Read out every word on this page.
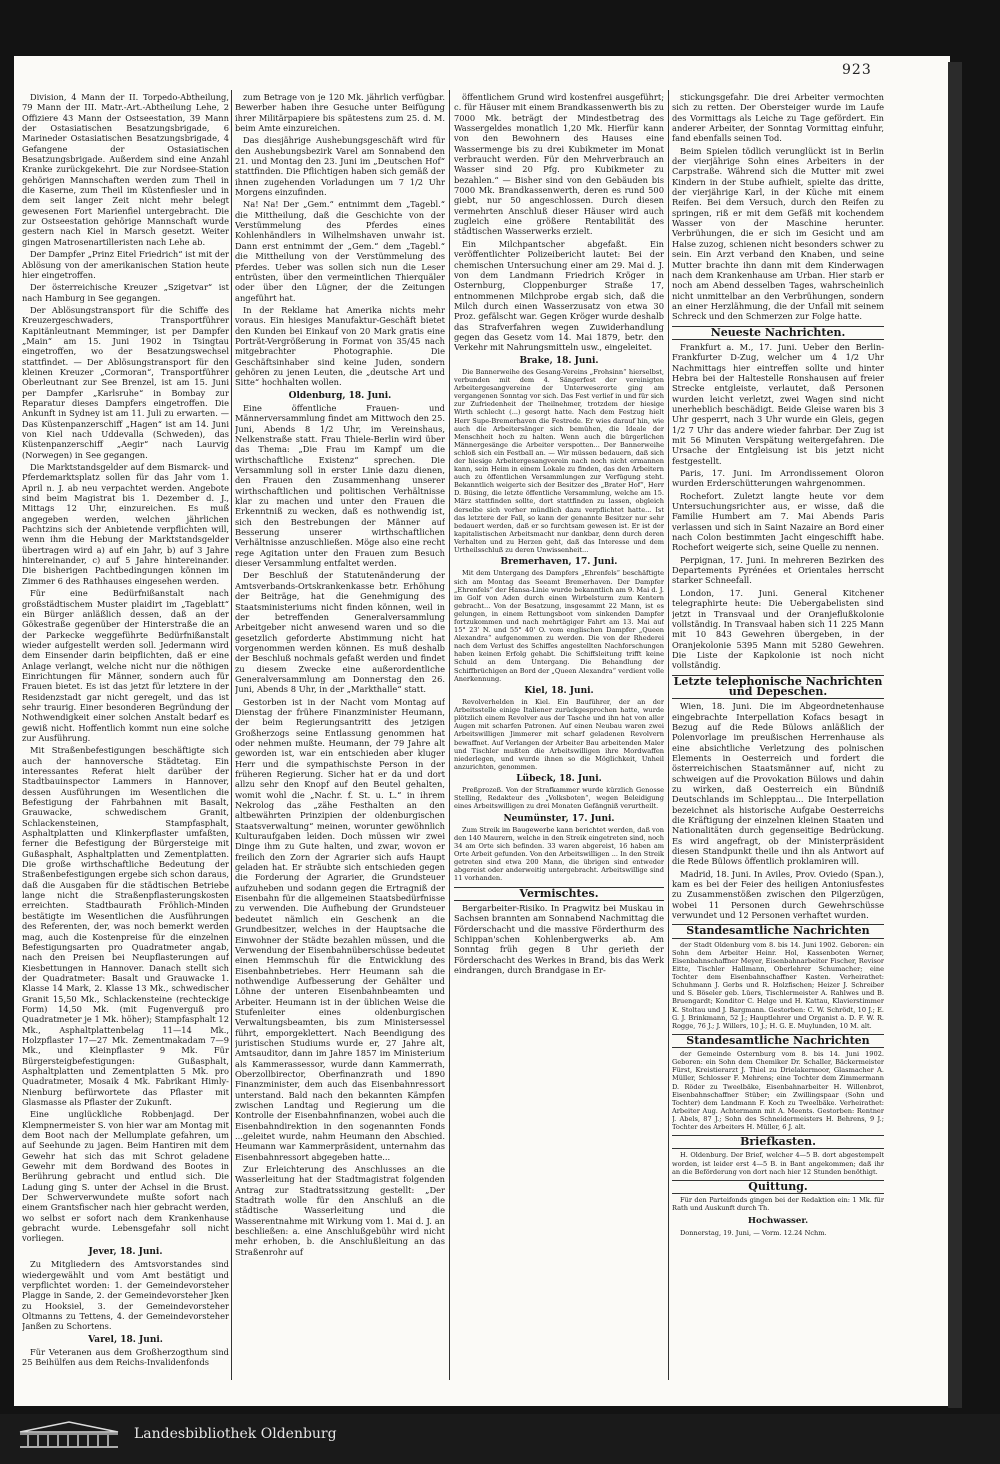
923

Division, 4 Mann der II. Torpedo-Abtheilung, 79 Mann der III. Matr.-Art.-Abtheilung Lehe, 2 Offiziere 43 Mann der Ostseestation, 39 Mann der Ostasiatischen Besatzungsbrigade, 6 Marineder Ostasiatischen Besatzungsbrigade, 4 Gefangene der Ostasiatischen Besatzungsbrigade. Außerdem sind eine Anzahl Kranke zurückgekehrt. Die zur Nordsee-Station gehörigen Mannschaften werden zum Theil in die Kaserne, zum Theil im Küstenfiesler und in dem seit langer Zeit nicht mehr belegt gewesenen Fort Marienfiel untergebracht. Die zur Ostseestation gehörige Mannschaft wurde gestern nach Kiel in Marsch gesetzt. Weiter gingen Matrosenartilleristen nach Lehe ab.

Der Dampfer „Prinz Eitel Friedrich“ ist mit der Ablösung von der amerikanischen Station heute hier eingetroffen.

Der österreichische Kreuzer „Szigetvar“ ist nach Hamburg in See gegangen.

Der Ablösungstransport für die Schiffe des Kreuzergeschwaders, Transportführer Kapitänleutnant Memminger, ist per Dampfer „Main“ am 15. Juni 1902 in Tsingtau eingetroffen, wo der Besatzungswechsel stattfindet. — Der Ablösungstransport für den kleinen Kreuzer „Cormoran“, Transportführer Oberleutnant zur See Brenzel, ist am 15. Juni per Dampfer „Karlsruhe“ in Bombay zur Reparatur dieses Dampfers eingetroffen. Die Ankunft in Sydney ist am 11. Juli zu erwarten. — Das Küstenpanzerschiff „Hagen“ ist am 14. Juni von Kiel nach Uddevalla (Schweden), das Küstenpanzerschiff „Aegir“ nach Laurvig (Norwegen) in See gegangen.

Die Marktstandsgelder auf dem Bismarck- und Pferdemarktsplatz sollen für das Jahr vom 1. April n. J. ab neu verpachtet werden. Angebote sind beim Magistrat bis 1. Dezember d. J., Mittags 12 Uhr, einzureichen. Es muß angegeben werden, welchen jährlichen Pachtzins sich der Anbietende verpflichten will, wenn ihm die Hebung der Marktstandsgelder übertragen wird a) auf ein Jahr, b) auf 3 Jahre hintereinander, c) auf 5 Jahre hintereinander. Die bisherigen Pachtbedingungen können im Zimmer 6 des Rathhauses eingesehen werden.

Für eine Bedürfnißanstalt nach großstädtischem Muster plaidirt im „Tageblatt“ ein Bürger anläßlich dessen, daß an der Gökestraße gegenüber der Hinterstraße die an der Parkecke weggeführte Bedürfnißanstalt wieder aufgestellt werden soll. Jedermann wird dem Einsender darin beipflichten, daß er eine Anlage verlangt, welche nicht nur die nöthigen Einrichtungen für Männer, sondern auch für Frauen bietet. Es ist das jetzt für letztere in der Residenzstadt gar nicht geregelt, und das ist sehr traurig. Einer besonderen Begründung der Nothwendigkeit einer solchen Anstalt bedarf es gewiß nicht. Hoffentlich kommt nun eine solche zur Ausführung.

Mit Straßenbefestigungen beschäftigte sich auch der hannoversche Städtetag. Ein interessantes Referat hielt darüber der Stadtbauinspector Lammers in Hannover, dessen Ausführungen im Wesentlichen die Befestigung der Fahrbahnen mit Basalt, Grauwacke, schwedischem Granit, Schlackensteinen, Stampfasphalt, Asphaltplatten und Klinkerpflaster umfaßten, ferner die Befestigung der Bürgersteige mit Gußasphalt, Asphaltplatten und Zementplatten. Die große wirthschaftliche Bedeutung der Straßenbefestigungen ergebe sich schon daraus, daß die Ausgaben für die städtischen Betriebe lange nicht die Straßenpflasterungskosten erreichten. Stadtbaurath Fröhlich-Minden bestätigte im Wesentlichen die Ausführungen des Referenten, der, was noch bemerkt werden mag, auch die Kostenpreise für die einzelnen Befestigungsarten pro Quadratmeter angab, nach den Preisen bei Neupflasterungen auf Kiesbettungen in Hannover. Danach stellt sich der Quadratmeter: Basalt und Grauwacke 1. Klasse 14 Mark, 2. Klasse 13 Mk., schwedischer Granit 15,50 Mk., Schlackensteine (rechteckige Form) 14,50 Mk. (mit Fugenverguß pro Quadratmeter je 1 Mk. höher); Stampfasphalt 12 Mk., Asphaltplattenbelag 11—14 Mk., Holzpflaster 17—27 Mk. Zementmakadam 7—9 Mk., und Kleinpflaster 9 Mk. Für Bürgersteigbefestigungen: Gußasphalt, Asphaltplatten und Zementplatten 5 Mk. pro Quadratmeter, Mosaik 4 Mk. Fabrikant Himly-Nienburg befürwortete das Pflaster mit Glasmasse als Pflaster der Zukunft.

Eine unglückliche Robbenjagd. Der Klempnermeister S. von hier war am Montag mit dem Boot nach der Mellumplate gefahren, um auf Seehunde zu jagen. Beim Hantiren mit dem Gewehr hat sich das mit Schrot geladene Gewehr mit dem Bordwand des Bootes in Berührung gebracht und entlud sich. Die Ladung ging S. unter der Achsel in die Brust. Der Schwerverwundete mußte sofort nach einem Grantsfischer nach hier gebracht werden, wo selbst er sofort nach dem Krankenhause gebracht wurde. Lebensgefahr soll nicht vorliegen.

Jever, 18. Juni.

Zu Mitgliedern des Amtsvorstandes sind wiedergewählt und vom Amt bestätigt und verpflichtet worden: 1. der Gemeindevorsteher Plagge in Sande, 2. der Gemeindevorsteher Jken zu Hooksiel, 3. der Gemeindevorsteher Oltmanns zu Tettens, 4. der Gemeindevorsteher Janßen zu Schortens.

Varel, 18. Juni.

Für Veteranen aus dem Großherzogthum sind 25 Beihülfen aus dem Reichs-Invalidenfonds

zum Betrage von je 120 Mk. jährlich verfügbar. Bewerber haben ihre Gesuche unter Beifügung ihrer Militärpapiere bis spätestens zum 25. d. M. beim Amte einzureichen.

Das diesjährige Aushebungsgeschäft wird für den Aushebungsbezirk Varel am Sonnabend den 21. und Montag den 23. Juni im „Deutschen Hof“ stattfinden. Die Pflichtigen haben sich gemäß der ihnen zugehenden Vorladungen um 7 1/2 Uhr Morgens einzufinden.

Na! Na! Der „Gem.“ entnimmt dem „Tagebl.“ die Mittheilung, daß die Geschichte von der Verstümmelung des Pferdes eines Kohlenhändlers in Wilhelmshaven unwahr ist. Dann erst entnimmt der „Gem.“ dem „Tagebl.“ die Mittheilung von der Verstümmelung des Pferdes. Ueber was sollen sich nun die Leser entrüsten, über den vermeintlichen Thierquäler oder über den Lügner, der die Zeitungen angeführt hat.

In der Reklame hat Amerika nichts mehr voraus. Ein hiesiges Manufaktur-Geschäft bietet den Kunden bei Einkauf von 20 Mark gratis eine Porträt-Vergrößerung in Format von 35/45 nach mitgebrachter Photographie. Die Geschäftsinhaber sind keine Juden, sondern gehören zu jenen Leuten, die „deutsche Art und Sitte“ hochhalten wollen.

Oldenburg, 18. Juni.

Eine öffentliche Frauen- und Männerversammlung findet am Mittwoch den 25. Juni, Abends 8 1/2 Uhr, im Vereinshaus, Nelkenstraße statt. Frau Thiele-Berlin wird über das Thema: „Die Frau im Kampf um die wirthschaftliche Existenz“ sprechen. Die Versammlung soll in erster Linie dazu dienen, den Frauen den Zusammenhang unserer wirthschaftlichen und politischen Verhältnisse klar zu machen und unter den Frauen die Erkenntniß zu wecken, daß es nothwendig ist, sich den Bestrebungen der Männer auf Besserung unserer wirthschaftlichen Verhältnisse anzuschließen. Möge also eine recht rege Agitation unter den Frauen zum Besuch dieser Versammlung entfaltet werden.

Der Beschluß der Statutenänderung der Amtsverbands-Ortskrankenkasse betr. Erhöhung der Beiträge, hat die Genehmigung des Staatsministeriums nicht finden können, weil in der betreffenden Generalversammlung Arbeitgeber nicht anwesend waren und so die gesetzlich geforderte Abstimmung nicht hat vorgenommen werden können. Es muß deshalb der Beschluß nochmals gefaßt werden und findet zu diesem Zwecke eine außerordentliche Generalversammlung am Donnerstag den 26. Juni, Abends 8 Uhr, in der „Markthalle“ statt.

Gestorben ist in der Nacht vom Montag auf Dienstag der frühere Finanzminister Heumann, der beim Regierungsantritt des jetzigen Großherzogs seine Entlassung genommen hat oder nehmen mußte. Heumann, der 79 Jahre alt geworden ist, war ein entschieden aber kluger Herr und die sympathischste Person in der früheren Regierung. Sicher hat er da und dort allzu sehr den Knopf auf den Beutel gehalten, womit wohl die „Nachr. f. St. u. L.“ in ihrem Nekrolog das „zähe Festhalten an den altbewährten Prinzipien der oldenburgischen Staatsverwaltung“ meinen, worunter gewöhnlich Kulturaufgaben leiden. Doch müssen wir zwei Dinge ihm zu Gute halten, und zwar, wovon er freilich den Zorn der Agrarier sich aufs Haupt geladen hat. Er sträubte sich entschieden gegen die Forderung der Agrarier, die Grundsteuer aufzuheben und sodann gegen die Ertragniß der Eisenbahn für die allgemeinen Staatsbedürfnisse zu verwenden. Die Aufhebung der Grundsteuer bedeutet nämlich ein Geschenk an die Grundbesitzer, welches in der Hauptsache die Einwohner der Städte bezahlen müssen, und die Verwendung der Eisenbahnüberschüsse bedeutet einen Hemmschuh für die Entwicklung des Eisenbahnbetriebes. Herr Heumann sah die nothwendige Aufbesserung der Gehälter und Löhne der unteren Eisenbahnbeamten und Arbeiter. Heumann ist in der üblichen Weise die Stufenleiter eines oldenburgischen Verwaltungsbeamten, bis zum Ministersessel führt, emporgeklettert. Nach Beendigung des juristischen Studiums wurde er, 27 Jahre alt, Amtsauditor, dann im Jahre 1857 im Ministerium als Kammerassessor, wurde dann Kammerrath, Oberzollbirector, Oberfinanzrath und 1890 Finanzminister, dem auch das Eisenbahnressort unterstand. Bald nach den bekannten Kämpfen zwischen Landtag und Regierung um die Kontrolle der Eisenbahnfinanzen, wobei auch die Eisenbahndirektion in den sogenannten Fonds ...geleitet wurde, nahm Heumann den Abschied. Heumann war Kammerpräsident, unternahm das Eisenbahnressort abgegeben hatte...

Zur Erleichterung des Anschlusses an die Wasserleitung hat der Stadtmagistrat folgenden Antrag zur Stadtratssitzung gestellt: „Der Stadtrath wolle für den Anschluß an die städtische Wasserleitung und die Wasserentnahme mit Wirkung vom 1. Mai d. J. an beschließen: a. eine Anschlußgebühr wird nicht mehr erhoben, b. die Anschlußleitung an das Straßenrohr auf

öffentlichem Grund wird kostenfrei ausgeführt; c. für Häuser mit einem Brandkassenwerth bis zu 7000 Mk. beträgt der Mindestbetrag des Wassergeldes monatlich 1,20 Mk. Hierfür kann von den Bewohnern des Hauses eine Wassermenge bis zu drei Kubikmeter im Monat verbraucht werden. Für den Mehrverbrauch an Wasser sind 20 Pfg. pro Kubikmeter zu bezahlen.“ — Bisher sind von den Gebäuden bis 7000 Mk. Brandkassenwerth, deren es rund 500 giebt, nur 50 angeschlossen. Durch diesen vermehrten Anschluß dieser Häuser wird auch zugleich eine größere Rentabilität des städtischen Wasserwerks erzielt.

Ein Milchpantscher abgefaßt. Ein veröffentlichter Polizeibericht lautet: Bei der chemischen Untersuchung einer am 29. Mai d. J. von dem Landmann Friedrich Kröger in Osternburg, Cloppenburger Straße 17, entnommenen Milchprobe ergab sich, daß die Milch durch einen Wasserzusatz von etwa 30 Proz. gefälscht war. Gegen Kröger wurde deshalb das Strafverfahren wegen Zuwiderhandlung gegen das Gesetz vom 14. Mai 1879, betr. den Verkehr mit Nahrungsmitteln usw., eingeleitet.

Brake, 18. Juni.

Die Bannerweihe des Gesang-Vereins „Frohsinn“ hierselbst, verbunden mit dem 4. Sängerfest der vereinigten Arbeitergesangvereine der Unterweserorte ging am vergangenen Sonntag vor sich. Das Fest verlief in und für sich zur Zufriedenheit der Theilnehmer, trotzdem der hiesige Wirth schlecht (...) gesorgt hatte. Nach dem Festzug hielt Herr Supe-Bremerhaven die Festrede. Er wies darauf hin, wie auch die Arbeitersänger sich bemühen, die Ideale der Menschheit hoch zu halten. Wenn auch die bürgerlichen Männergesänge die Arbeiter verspotten... Der Bannerweihe schloß sich ein Festball an. — Wir müssen bedauern, daß sich der hiesige Arbeitergesangverein nach noch nicht ermannen kann, sein Heim in einem Lokale zu finden, das den Arbeitern auch zu öffentlichen Versammlungen zur Verfügung steht. Bekanntlich weigerte sich der Besitzer des „Brater Hof“, Herr D. Büsing, die letzte öffentliche Versammlung, welche am 15. März stattfinden sollte, dort stattfinden zu lassen, obgleich derselbe sich vorher mündlich dazu verpflichtet hatte... Ist das letztere der Fall, so kann der genannte Besitzer nur sehr bedauert werden, daß er so furchtsam gewesen ist. Er ist der kapitalistischen Arbeitsmacht nur dankbar, denn durch deren Verhalten und zu Herzen geht, daß das Interesse und dem Urtheilsschluß zu deren Unwissenheit...

Bremerhaven, 17. Juni.

Mit dem Untergang des Dampfers „Ehrenfels“ beschäftigte sich am Montag das Seeamt Bremerhaven. Der Dampfer „Ehrenfels“ der Hansa-Linie wurde bekanntlich am 9. Mai d. J. im Golf von Aden durch einen Wirbelsturm zum Kentern gebracht... Von der Besatzung, insgesammt 22 Mann, ist es gelungen, in einem Rettungsboot vom sinkenden Dampfer fortzukommen und nach mehrtägiger Fahrt am 13. Mai auf 15° 23' N. und 55° 40' O. vom englischen Dampfer „Queen Alexandra“ aufgenommen zu werden. Die von der Rhederei nach dem Verlust des Schiffes angestellten Nachforschungen haben keinen Erfolg gehabt. Die Schiffsleitung trifft keine Schuld an dem Untergang. Die Behandlung der Schiffbrüchigen an Bord der „Queen Alexandra“ verdient volle Anerkennung.

Kiel, 18. Juni.

Revolverhelden in Kiel. Ein Bauführer, der an der Arbeitsstelle einige Italiener zurückgesprochen hatte, wurde plötzlich einem Revolver aus der Tasche und ihn hat von aller Augen mit scharfen Patronen. Auf einen Neubau waren zwei Arbeitswilligen Jimmerer mit scharf geladenen Revolvern bewaffnet. Auf Verlangen der Arbeiter Bau arbeitenden Maler und Tischler mußten die Arbeitswilligen ihre Mordwaffen niederlegen, und wurde ihnen so die Möglichkeit, Unheil anzurichten, genommen.

Lübeck, 18. Juni.

Preßprozeß. Von der Strafkammer wurde kürzlich Genosse Stelling, Redakteur des „Volksboten“, wegen Beleidigung eines Arbeitswilligen zu drei Monaten Gefängniß verurtheilt.

Neumünster, 17. Juni.

Zum Streik im Baugewerbe kann berichtet werden, daß von den 140 Maurern, welche in den Streik eingetreten sind, noch 34 am Orte sich befinden. 33 waren abgereist, 16 haben am Orte Arbeit gefunden. Von den Arbeitswilligen ... In den Streik getreten sind etwa 200 Mann, die übrigen sind entweder abgereist oder anderweitig untergebracht. Arbeitswillige sind 11 vorhanden.

Vermischtes.

Bergarbeiter-Risiko. In Pragwitz bei Muskau in Sachsen brannten am Sonnabend Nachmittag die Förderschacht und die massive Förderthurm des Schippan'schen Kohlenbergwerks ab. Am Sonntag früh gegen 8 Uhr gerieth der Förderschacht des Werkes in Brand, bis das Werk eindrangen, durch Brandgase in Er-

stickungsgefahr. Die drei Arbeiter vermochten sich zu retten. Der Obersteiger wurde im Laufe des Vormittags als Leiche zu Tage gefördert. Ein anderer Arbeiter, der Sonntag Vormittag einfuhr, fand ebenfalls seinen Tod.

Beim Spielen tödlich verunglückt ist in Berlin der vierjährige Sohn eines Arbeiters in der Carpstraße. Während sich die Mutter mit zwei Kindern in der Stube aufhielt, spielte das dritte, der vierjährige Karl, in der Küche mit einem Reifen. Bei dem Versuch, durch den Reifen zu springen, riß er mit dem Gefäß mit kochendem Wasser von der Maschine herunter. Verbrühungen, die er sich im Gesicht und am Halse zuzog, schienen nicht besonders schwer zu sein. Ein Arzt verband den Knaben, und seine Mutter brachte ihn dann mit dem Kinderwagen nach dem Krankenhause am Urban. Hier starb er noch am Abend desselben Tages, wahrscheinlich nicht unmittelbar an den Verbrühungen, sondern an einer Herzlähmung, die der Unfall mit seinem Schreck und den Schmerzen zur Folge hatte.

Neueste Nachrichten.

Frankfurt a. M., 17. Juni. Ueber den Berlin-Frankfurter D-Zug, welcher um 4 1/2 Uhr Nachmittags hier eintreffen sollte und hinter Hebra bei der Haltestelle Ronshausen auf freier Strecke entgleiste, verlautet, daß Personen wurden leicht verletzt, zwei Wagen sind nicht unerheblich beschädigt. Beide Gleise waren bis 3 Uhr gesperrt, nach 3 Uhr wurde ein Gleis, gegen 1/2 7 Uhr das andere wieder fahrbar. Der Zug ist mit 56 Minuten Verspätung weitergefahren. Die Ursache der Entgleisung ist bis jetzt nicht festgestellt.

Paris, 17. Juni. Im Arrondissement Oloron wurden Erderschütterungen wahrgenommen.

Rochefort. Zuletzt langte heute vor dem Untersuchungsrichter aus, er wisse, daß die Familie Humbert am 7. Mai Abends Paris verlassen und sich in Saint Nazaire an Bord einer nach Colon bestimmten Jacht eingeschifft habe. Rochefort weigerte sich, seine Quelle zu nennen.

Perpignan, 17. Juni. In mehreren Bezirken des Departements Pyrénées et Orientales herrscht starker Schneefall.

London, 17. Juni. General Kitchener telegraphirte heute: Die Uebergabelisten sind jetzt in Transvaal und der Oranjeflußkolonie vollständig. In Transvaal haben sich 11 225 Mann mit 10 843 Gewehren übergeben, in der Oranjekolonie 5395 Mann mit 5280 Gewehren. Die Liste der Kapkolonie ist noch nicht vollständig.

Letzte telephonische Nachrichten und Depeschen.

Wien, 18. Juni. Die im Abgeordnetenhause eingebrachte Interpellation Kofacs besagt in Bezug auf die Rede Bülows anläßlich der Polenvorlage im preußischen Herrenhause als eine absichtliche Verletzung des polnischen Elements in Oesterreich und fordert die österreichischen Staatsmänner auf, nicht zu schweigen auf die Provokation Bülows und dahin zu wirken, daß Oesterreich ein Bündniß Deutschlands im Schlepptau... Die Interpellation bezeichnet als historische Aufgabe Oesterreichs die Kräftigung der einzelnen kleinen Staaten und Nationalitäten durch gegenseitige Bedrückung. Es wird angefragt, ob der Ministerpräsident diesen Standpunkt theile und ihn als Antwort auf die Rede Bülows öffentlich proklamiren will.

Madrid, 18. Juni. In Aviles, Prov. Oviedo (Span.), kam es bei der Feier des heiligen Antoniusfestes zu Zusammenstößen zwischen den Pilgerzügen, wobei 11 Personen durch Gewehrschüsse verwundet und 12 Personen verhaftet wurden.

Standesamtliche Nachrichten

der Stadt Oldenburg vom 8. bis 14. Juni 1902. Geboren: ein Sohn dem Arbeiter Heinr. Hol, Kassenboten Werner, Eisenbahnschaffner Meyer, Eisenbahnarbeiter Fischer, Revisor Eitte, Tischler Hallmann, Oberlehrer Schumacher; eine Tochter dem Eisenbahnschaffner Kasten. Verheirathet: Schuhmann J. Gerbs und R. Holzfischen; Heizer J. Schreiber und S. Böseler geb. Lüers, Tischlermeister A. Rahlwes und B. Bruengardt; Konditor C. Helge und H. Kattau, Klavierstimmer K. Stoltau und J. Bargmann. Gestorben: C. W. Schrödt, 10 J.; E. G. J. Brinkmann, 52 J.; Hauptlehrer und Organist a. D. F. W. R. Rogge, 76 J.; J. Willers, 10 J.; H. G. E. Muylunden, 10 M. alt.

Standesamtliche Nachrichten

der Gemeinde Osternburg vom 8. bis 14. Juni 1902. Geboren: ein Sohn dem Chemiker Dr. Schaller, Bäckermeister Fürst, Kreistierarzt J. Thiel zu Drielakermoor, Glasmacher A. Müller, Schlosser F. Mehrens; eine Tochter dem Zimmermann D. Röder zu Tweelbäke, Eisenbahnarbeiter H. Willenbrot, Eisenbahnschaffner Stüber; ein Zwillingspaar (Sohn und Tochter) dem Landmann F. Koch zu Tweelbäke. Verheirathet: Arbeiter Aug. Achtermann mit A. Meents. Gestorben: Rentner J. Abels, 87 J.; Sohn des Schneidermeisters H. Behrens, 9 J.; Tochter des Arbeiters H. Müller, 6 J. alt.

Briefkasten.

H. Oldenburg. Der Brief, welcher 4—5 B. dort abgestempelt worden, ist leider erst 4—5 B. in Bant angekommen; daß ihr an die Beförderung von dort nach hier 12 Stunden benöthigt.

Quittung.

Für den Parteifonds gingen bei der Redaktion ein: 1 Mk. für Rath und Auskunft durch Th.

Hochwasser.

Donnerstag, 19. Juni, — Vorm. 12.24 Nchm.

Landesbibliothek Oldenburg
